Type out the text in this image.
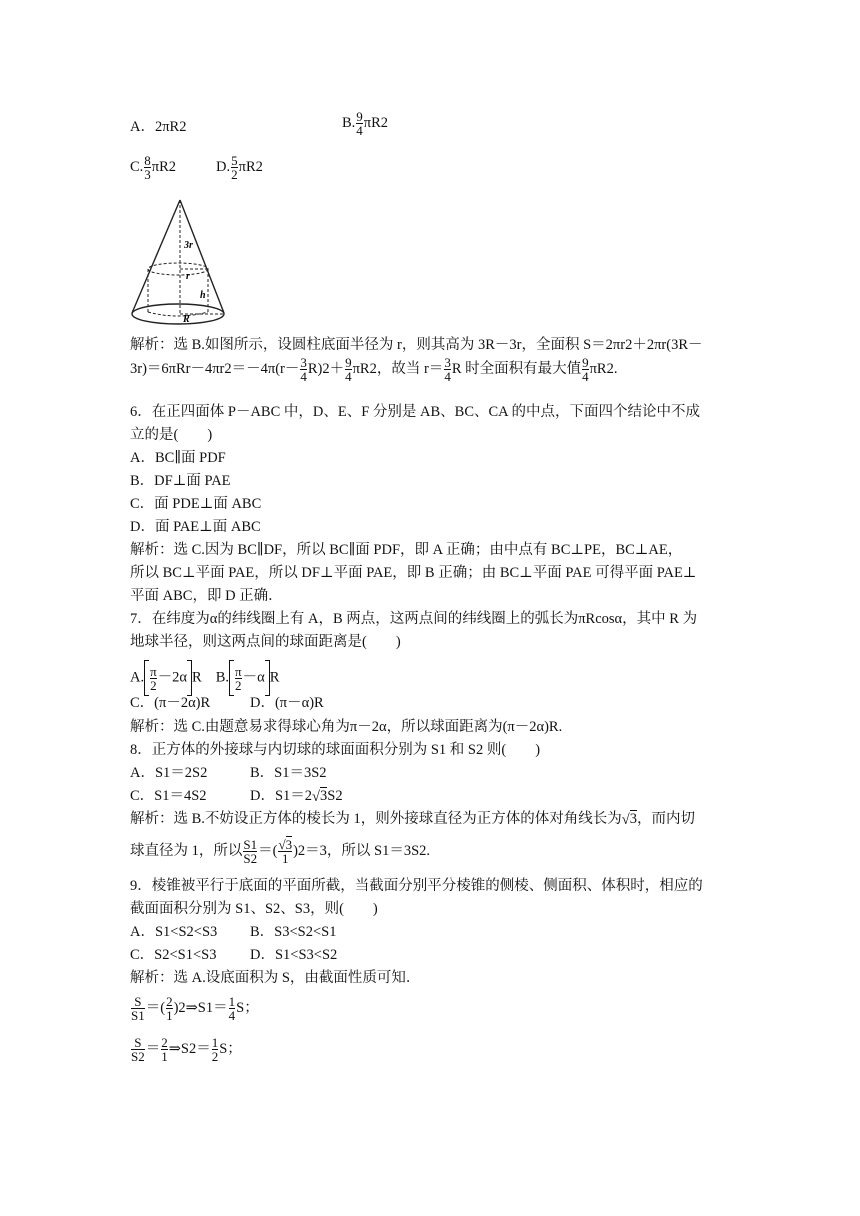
A．2πR2	B. $\frac{9}{4} \pi R2$
C. $\frac{8}{3} \pi R2$	D. $\frac{5}{2} \pi R2$
3r
r
h
R
解析：选 B.如图所示，设圆柱底面半径为 r，则其高为 3R－3r，全面积 S＝2πr2＋2πr(3R－
$3r)=6\pi Rr-4\pi r2=-4\pi(r- \frac{3}{4} R)2+ \frac{9}{4} \pi R2$，故当 $r= \frac{3}{4}$ R 时全面积有最大值 $\frac{9}{4} \pi R2$.
6．在正四面体 P－ABC 中，D、E、F 分别是 AB、BC、CA 的中点，下面四个结论中不成
立的是(　　)
A．BC∥面 PDF
B．DF⊥面 PAE
C．面 PDE⊥面 ABC
D．面 PAE⊥面 ABC
解析：选 C.因为 BC∥DF，所以 BC∥面 PDF，即 A 正确；由中点有 BC⊥PE，BC⊥AE，
所以 BC⊥平面 PAE，所以 DF⊥平面 PAE，即 B 正确；由 BC⊥平面 PAE 可得平面 PAE⊥
平面 ABC，即 D 正确．
7．在纬度为α的纬线圈上有 A，B 两点，这两点间的纬线圈上的弧长为πRcosα，其中 R 为
地球半径，则这两点间的球面距离是(　　)
A. $\frac{\pi}{2} -2\alpha$ R B. $\frac{\pi}{2} -\alpha$ R
C．(π－2α)R	D．(π－α)R
解析：选 C.由题意易求得球心角为π－2α，所以球面距离为(π－2α)R.
8．正方体的外接球与内切球的球面面积分别为 S1 和 S2 则(　　)
A．S1＝2S2	B．S1＝3S2
C．S1＝4S2	D．S1＝2√3S2
解析：选 B.不妨设正方体的棱长为 1，则外接球直径为正方体的体对角线长为√3，而内切
球直径为 1，所以 $\frac{S1}{S2}$ ＝( $\frac{√3}{1} )2=3$，所以 S1＝3S2.
9．棱锥被平行于底面的平面所截，当截面分别平分棱锥的侧棱、侧面积、体积时，相应的
截面面积分别为 S1、S2、S3，则(　　)
A．S1<S2<S3 B．S3<S2<S1
C．S2<S1<S3 D．S1<S3<S2
解析：选 A.设底面积为 S，由截面性质可知．
$\frac{S}{S1}$ ＝( $\frac{2}{1}$ )2⇒S1＝ $\frac{1}{4}$ S；
$\frac{S}{S2} = \frac{2}{1}$ ⇒S2＝ $\frac{1}{2}$ S；
